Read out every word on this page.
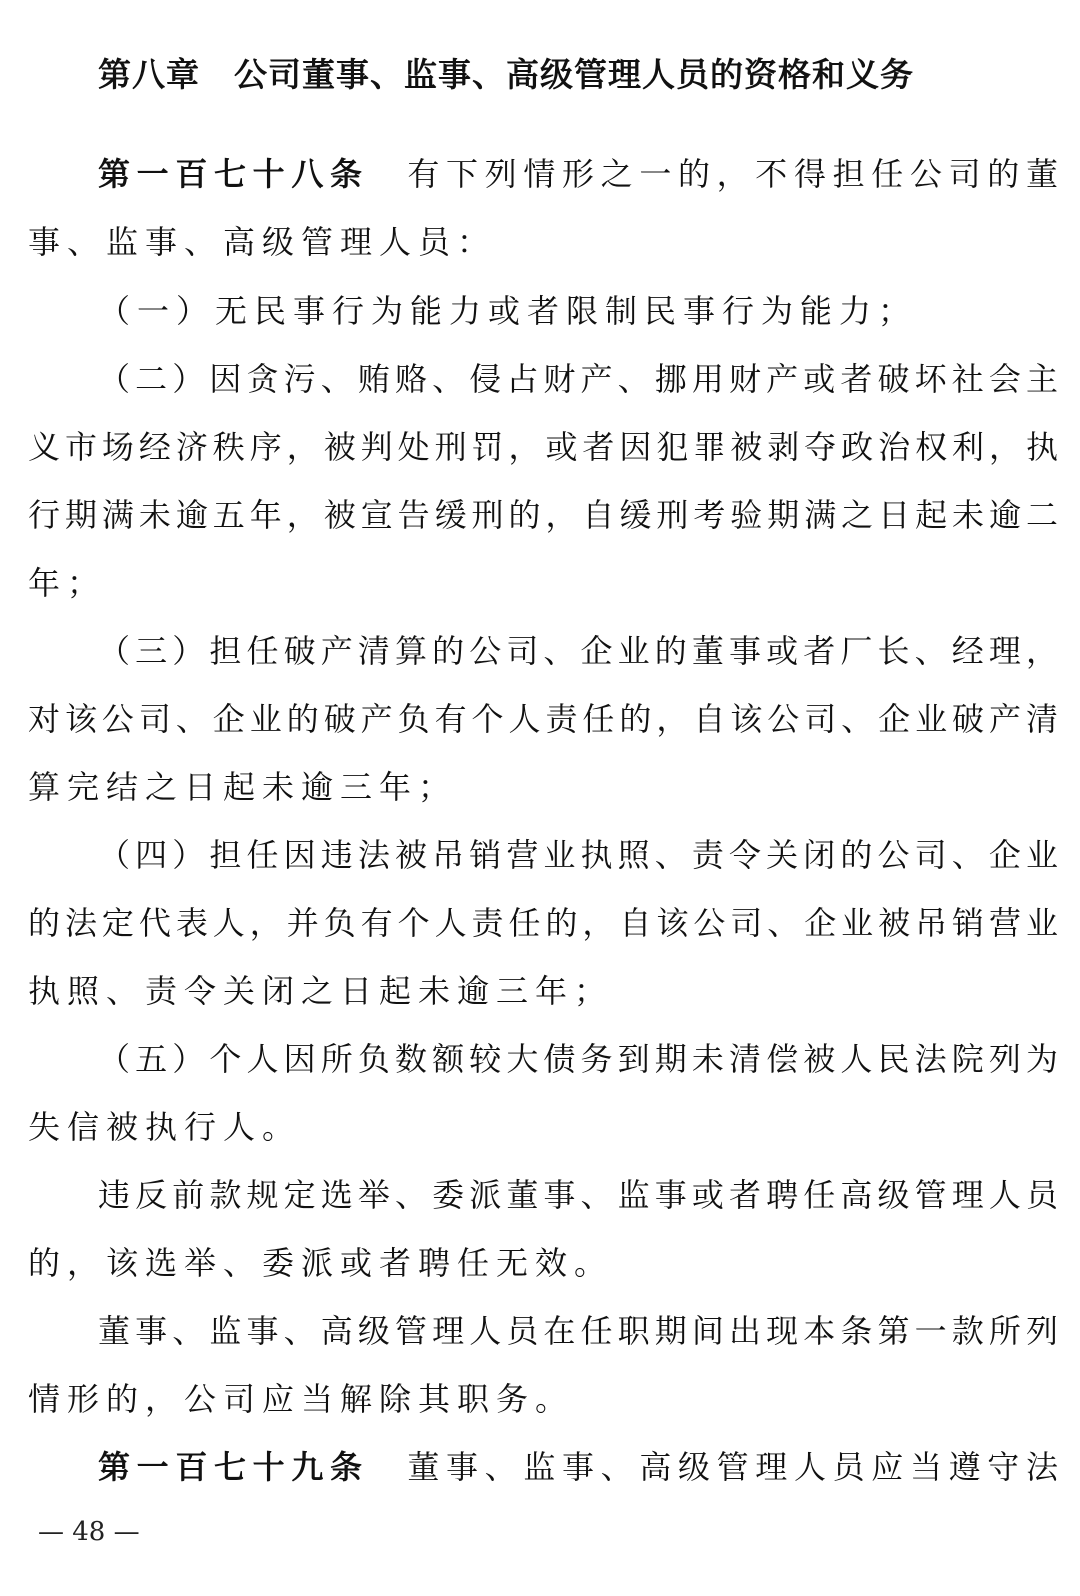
第八章　公司董事、监事、高级管理人员的资格和义务
第一百七十八条　 有下列情形之一的，不得担任公司的董
事、监事、高级管理人员：
（一）无民事行为能力或者限制民事行为能力；
（二）因贪污、贿赂、侵占财产、挪用财产或者破坏社会主
义市场经济秩序，被判处刑罚，或者因犯罪被剥夺政治权利，执
行期满未逾五年，被宣告缓刑的，自缓刑考验期满之日起未逾二
年；
（三）担任破产清算的公司、企业的董事或者厂长、经理，
对该公司、企业的破产负有个人责任的，自该公司、企业破产清
算完结之日起未逾三年；
（四）担任因违法被吊销营业执照、责令关闭的公司、企业
的法定代表人，并负有个人责任的，自该公司、企业被吊销营业
执照、责令关闭之日起未逾三年；
（五）个人因所负数额较大债务到期未清偿被人民法院列为
失信被执行人。
违反前款规定选举、委派董事、监事或者聘任高级管理人员
的，该选举、委派或者聘任无效。
董事、监事、高级管理人员在任职期间出现本条第一款所列
情形的，公司应当解除其职务。
第一百七十九条　 董事、监事、高级管理人员应当遵守法
— 48 —
